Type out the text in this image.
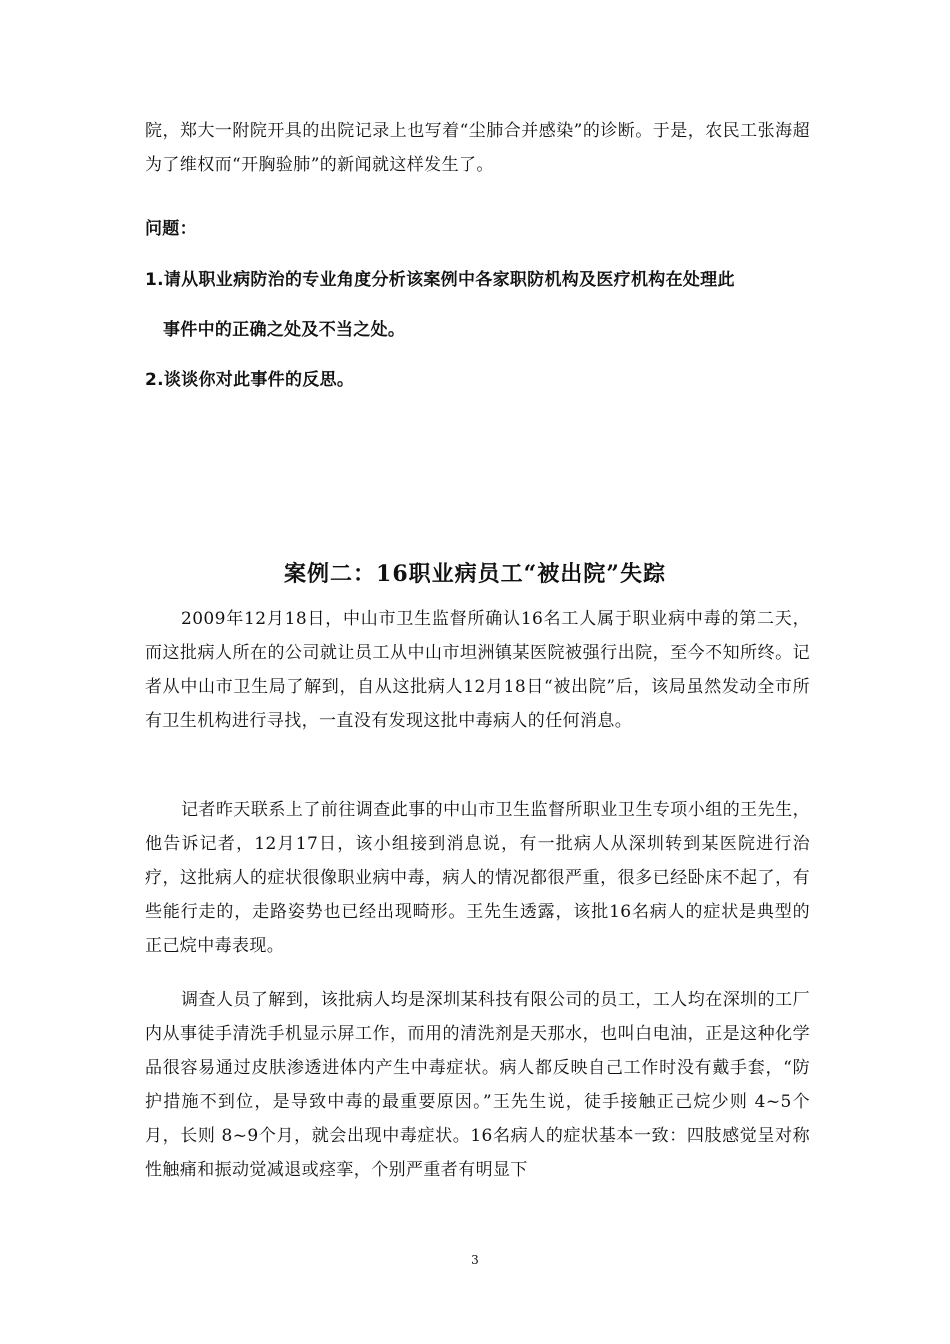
院，郑大一附院开具的出院记录上也写着“尘肺合并感染”的诊断。于是，农民工张海超为了维权而“开胸验肺”的新闻就这样发生了。

问题：

1.请从职业病防治的专业角度分析该案例中各家职防机构及医疗机构在处理此

事件中的正确之处及不当之处。

2.谈谈你对此事件的反思。

案例二：16职业病员工“被出院”失踪

2009年12月18日，中山市卫生监督所确认16名工人属于职业病中毒的第二天，而这批病人所在的公司就让员工从中山市坦洲镇某医院被强行出院，至今不知所终。记者从中山市卫生局了解到，自从这批病人12月18日“被出院”后，该局虽然发动全市所有卫生机构进行寻找，一直没有发现这批中毒病人的任何消息。

记者昨天联系上了前往调查此事的中山市卫生监督所职业卫生专项小组的王先生，他告诉记者，12月17日，该小组接到消息说，有一批病人从深圳转到某医院进行治疗，这批病人的症状很像职业病中毒，病人的情况都很严重，很多已经卧床不起了，有些能行走的，走路姿势也已经出现畸形。王先生透露，该批16名病人的症状是典型的正己烷中毒表现。

调查人员了解到，该批病人均是深圳某科技有限公司的员工，工人均在深圳的工厂内从事徒手清洗手机显示屏工作，而用的清洗剂是天那水，也叫白电油，正是这种化学品很容易通过皮肤渗透进体内产生中毒症状。病人都反映自己工作时没有戴手套，“防护措施不到位，是导致中毒的最重要原因。”王先生说，徒手接触正己烷少则 4~5个月，长则 8~9个月，就会出现中毒症状。16名病人的症状基本一致：四肢感觉呈对称性触痛和振动觉减退或痉挛，个别严重者有明显下

3
